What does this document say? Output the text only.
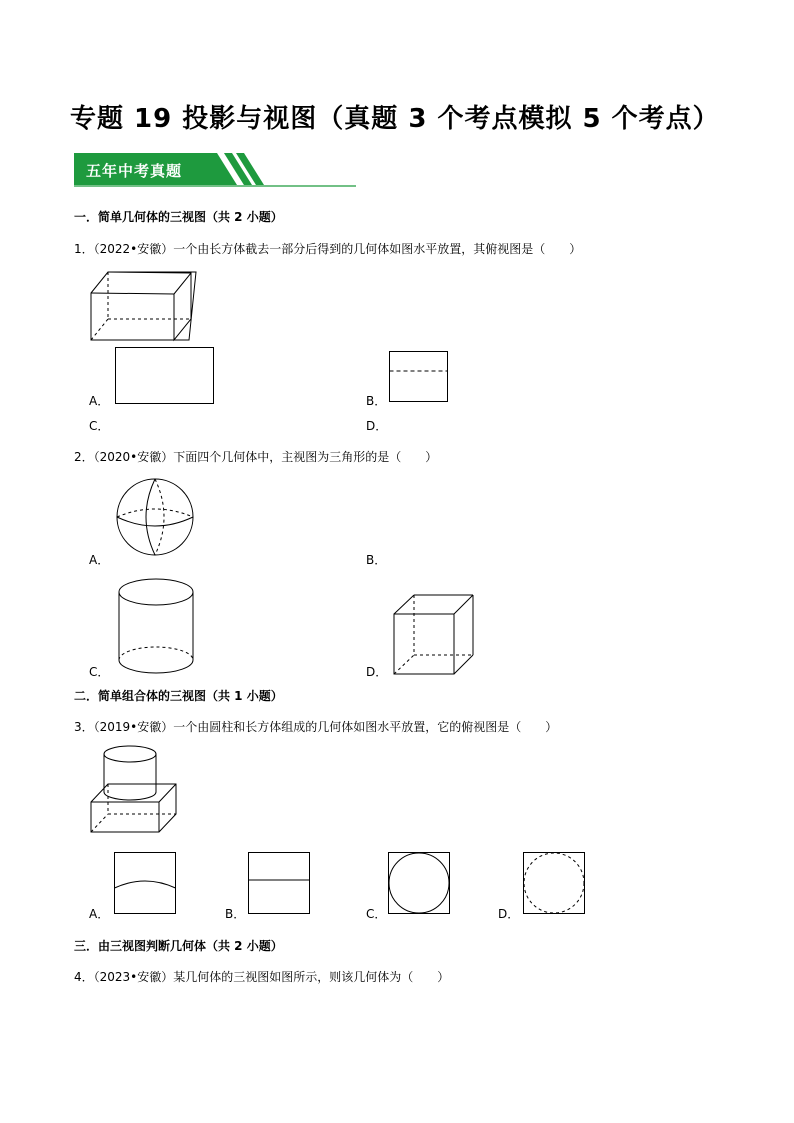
专题 19 投影与视图（真题 3 个考点模拟 5 个考点）
五年中考真题
一．简单几何体的三视图（共 2 小题）
1．（2022•安徽）一个由长方体截去一部分后得到的几何体如图水平放置，其俯视图是（　　）
A．	B．
C．	D．
2．（2020•安徽）下面四个几何体中，主视图为三角形的是（　　）
A．	B．
C．	D．
二．简单组合体的三视图（共 1 小题）
3．（2019•安徽）一个由圆柱和长方体组成的几何体如图水平放置，它的俯视图是（　　）
A．	B．	C．	D．
三．由三视图判断几何体（共 2 小题）
4．（2023•安徽）某几何体的三视图如图所示，则该几何体为（　　）
